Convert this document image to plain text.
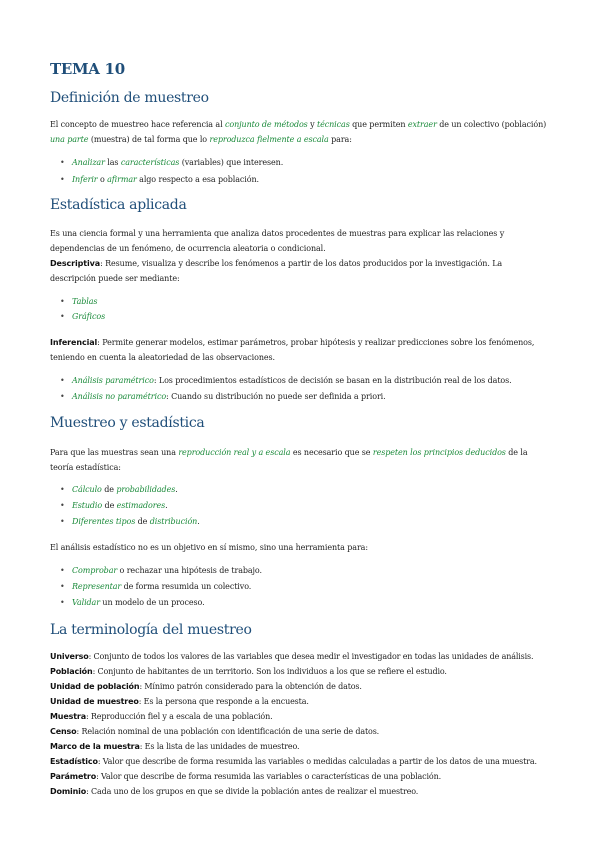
TEMA 10
Definición de muestreo

El concepto de muestreo hace referencia al conjunto de métodos y técnicas que permiten extraer de un colectivo (población) una parte (muestra) de tal forma que lo reproduzca fielmente a escala para:

• Analizar las características (variables) que interesen.

• Inferir o afirmar algo respecto a esa población.

Estadística aplicada

Es una ciencia formal y una herramienta que analiza datos procedentes de muestras para explicar las relaciones y dependencias de un fenómeno, de ocurrencia aleatoria o condicional.

Descriptiva: Resume, visualiza y describe los fenómenos a partir de los datos producidos por la investigación. La descripción puede ser mediante:

• Tablas

• Gráficos

Inferencial: Permite generar modelos, estimar parámetros, probar hipótesis y realizar predicciones sobre los fenómenos, teniendo en cuenta la aleatoriedad de las observaciones.

• Análisis paramétrico: Los procedimientos estadísticos de decisión se basan en la distribución real de los datos.

• Análisis no paramétrico: Cuando su distribución no puede ser definida a priori.

Muestreo y estadística

Para que las muestras sean una reproducción real y a escala es necesario que se respeten los principios deducidos de la teoría estadística:

• Cálculo de probabilidades.

• Estudio de estimadores.

• Diferentes tipos de distribución.

El análisis estadístico no es un objetivo en sí mismo, sino una herramienta para:

• Comprobar o rechazar una hipótesis de trabajo.

• Representar de forma resumida un colectivo.

• Validar un modelo de un proceso.

La terminología del muestreo

Universo: Conjunto de todos los valores de las variables que desea medir el investigador en todas las unidades de análisis.

Población: Conjunto de habitantes de un territorio. Son los individuos a los que se refiere el estudio.

Unidad de población: Mínimo patrón considerado para la obtención de datos.

Unidad de muestreo: Es la persona que responde a la encuesta.

Muestra: Reproducción fiel y a escala de una población.

Censo: Relación nominal de una población con identificación de una serie de datos.

Marco de la muestra: Es la lista de las unidades de muestreo.

Estadístico: Valor que describe de forma resumida las variables o medidas calculadas a partir de los datos de una muestra.

Parámetro: Valor que describe de forma resumida las variables o características de una población.

Dominio: Cada uno de los grupos en que se divide la población antes de realizar el muestreo.
